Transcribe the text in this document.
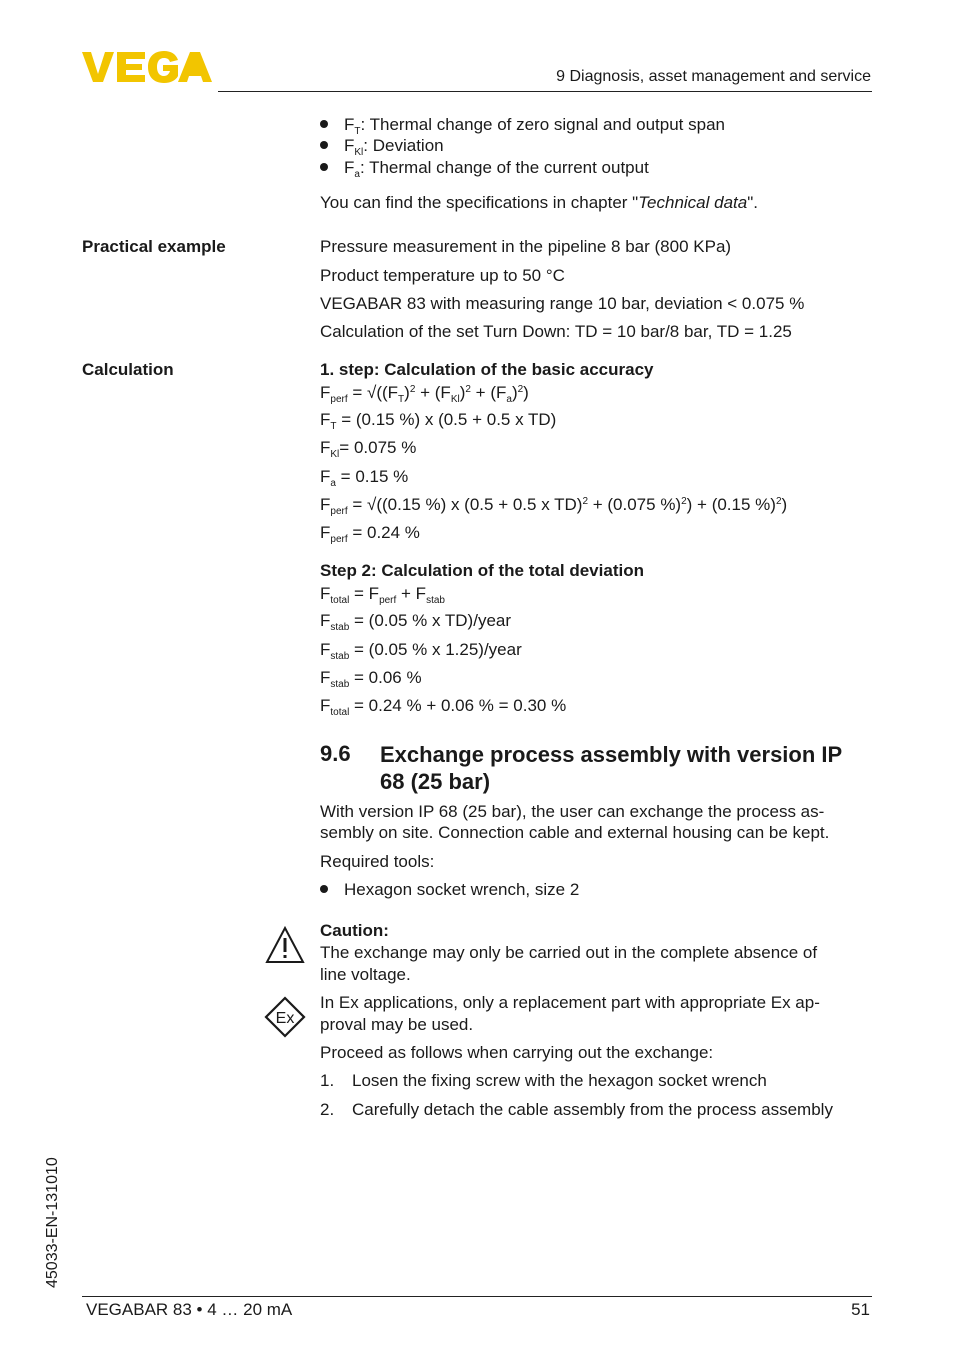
9 Diagnosis, asset management and service
$F_T$: Thermal change of zero signal and output span
$F_{Kl}$: Deviation
$F_a$: Thermal change of the current output
You can find the specifications in chapter "Technical data".
Practical example	Pressure measurement in the pipeline 8 bar (800 KPa)
Product temperature up to 50 °C
VEGABAR 83 with measuring range 10 bar, deviation < 0.075 %
Calculation of the set Turn Down: TD = 10 bar/8 bar, TD = 1.25
Calculation	1. step: Calculation of the basic accuracy
$F_{perf} = √((F_T)^2 + (F_{Kl})^2 + (F_a)^2)$
$F_T = (0.15$ %) x (0.5 + 0.5 x TD)
$F_{Kl}= 0.075$ %
$F_a = 0.15$ %
$F_{perf} = √((0.15$ %) x (0.5 + 0.5 x TD)$^2$ + (0.075 %)$^2$) + (0.15 %)$^2$)
$F_{perf} = 0.24$ %
Step 2: Calculation of the total deviation
$F_{total} = F_{perf} + F_{stab}$
$F_{stab} = (0.05$ % x TD)/year
$F_{stab} = (0.05$ % x 1.25)/year
$F_{stab} = 0.06$ %
$F_{total} = 0.24$ % + 0.06 % = 0.30 %
9.6 Exchange process assembly with version IP 68 (25 bar)
With version IP 68 (25 bar), the user can exchange the process as-
sembly on site. Connection cable and external housing can be kept.
Required tools:
Hexagon socket wrench, size 2
Caution:
The exchange may only be carried out in the complete absence of
line voltage.
Ex
In Ex applications, only a replacement part with appropriate Ex ap-
proval may be used.
Proceed as follows when carrying out the exchange:
1. Losen the fixing screw with the hexagon socket wrench
2. Carefully detach the cable assembly from the process assembly
45033-EN-131010
VEGABAR 83 • 4 … 20 mA	51
